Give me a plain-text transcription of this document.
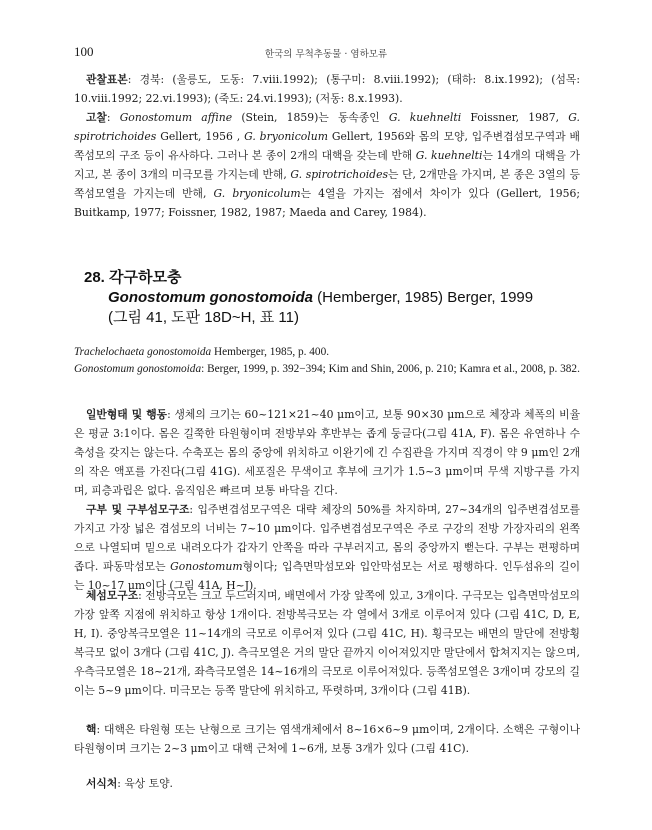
100	한국의 무척추동물 · 염하모류

관찰표본: 경북: (울릉도, 도동: 7.viii.1992); (통구미: 8.viii.1992); (태하: 8.ix.1992); (섬목: 10.viii.1992; 22.vi.1993); (죽도: 24.vi.1993); (저동: 8.x.1993).

고찰: Gonostomum affine (Stein, 1859)는 동속종인 G. kuehnelti Foissner, 1987, G. spirotrichoides Gellert, 1956 , G. bryonicolum Gellert, 1956와 몸의 모양, 입주변겹섬모구역과 배쪽섬모의 구조 등이 유사하다. 그러나 본 종이 2개의 대핵을 갖는데 반해 G. kuehnelti는 14개의 대핵을 가지고, 본 종이 3개의 미극모를 가지는데 반해, G. spirotrichoides는 단, 2개만을 가지며, 본 종은 3열의 등쪽섬모열을 가지는데 반해, G. bryonicolum는 4열을 가지는 점에서 차이가 있다 (Gellert, 1956; Buitkamp, 1977; Foissner, 1982, 1987; Maeda and Carey, 1984).

28. 각구하모충
Gonostomum gonostomoida (Hemberger, 1985) Berger, 1999
(그림 41, 도판 18D~H, 표 11)
Trachelochaeta gonostomoida Hemberger, 1985, p. 400.
Gonostomum gonostomoida: Berger, 1999, p. 392−394; Kim and Shin, 2006, p. 210; Kamra et al., 2008, p. 382.

일반형태 및 행동: 생체의 크기는 60~121×21~40 μm이고, 보통 90×30 μm으로 체장과 체폭의 비율은 평균 3:1이다. 몸은 길쭉한 타원형이며 전방부와 후반부는 좁게 둥글다(그림 41A, F). 몸은 유연하나 수축성을 갖지는 않는다. 수축포는 몸의 중앙에 위치하고 이완기에 긴 수집관을 가지며 직경이 약 9 μm인 2개의 작은 액포를 가진다(그림 41G). 세포질은 무색이고 후부에 크기가 1.5~3 μm이며 무색 지방구를 가지며, 피층과립은 없다. 움직임은 빠르며 보통 바닥을 긴다.

구부 및 구부섬모구조: 입주변겹섬모구역은 대략 체장의 50%를 차지하며, 27~34개의 입주변겹섬모를 가지고 가장 넓은 겹섬모의 너비는 7~10 μm이다. 입주변겹섬모구역은 주로 구강의 전방 가장자리의 왼쪽으로 나열되며 밑으로 내려오다가 갑자기 안쪽을 따라 구부러지고, 몸의 중앙까지 뻗는다. 구부는 편평하며 좁다. 파동막섬모는 Gonostomum형이다; 입측면막섬모와 입안막섬모는 서로 평행하다. 인두섬유의 길이는 10~17 μm이다 (그림 41A, H~J).

체섬모구조: 전방극모는 크고 두드러지며, 배면에서 가장 앞쪽에 있고, 3개이다. 구극모는 입측면막섬모의 가장 앞쪽 지점에 위치하고 항상 1개이다. 전방복극모는 각 열에서 3개로 이루어져 있다 (그림 41C, D, E, H, I). 중앙복극모열은 11~14개의 극모로 이루어져 있다 (그림 41C, H). 횡극모는 배면의 말단에 전방횡복극모 없이 3개다 (그림 41C, J). 측극모열은 거의 말단 끝까지 이어져있지만 말단에서 합쳐지지는 않으며, 우측극모열은 18~21개, 좌측극모열은 14~16개의 극모로 이루어져있다. 등쪽섬모열은 3개이며 강모의 길이는 5~9 μm이다. 미극모는 등쪽 말단에 위치하고, 뚜렷하며, 3개이다 (그림 41B).

핵: 대핵은 타원형 또는 난형으로 크기는 염색개체에서 8~16×6~9 μm이며, 2개이다. 소핵은 구형이나 타원형이며 크기는 2~3 μm이고 대핵 근처에 1~6개, 보통 3개가 있다 (그림 41C).

서식처: 육상 토양.
